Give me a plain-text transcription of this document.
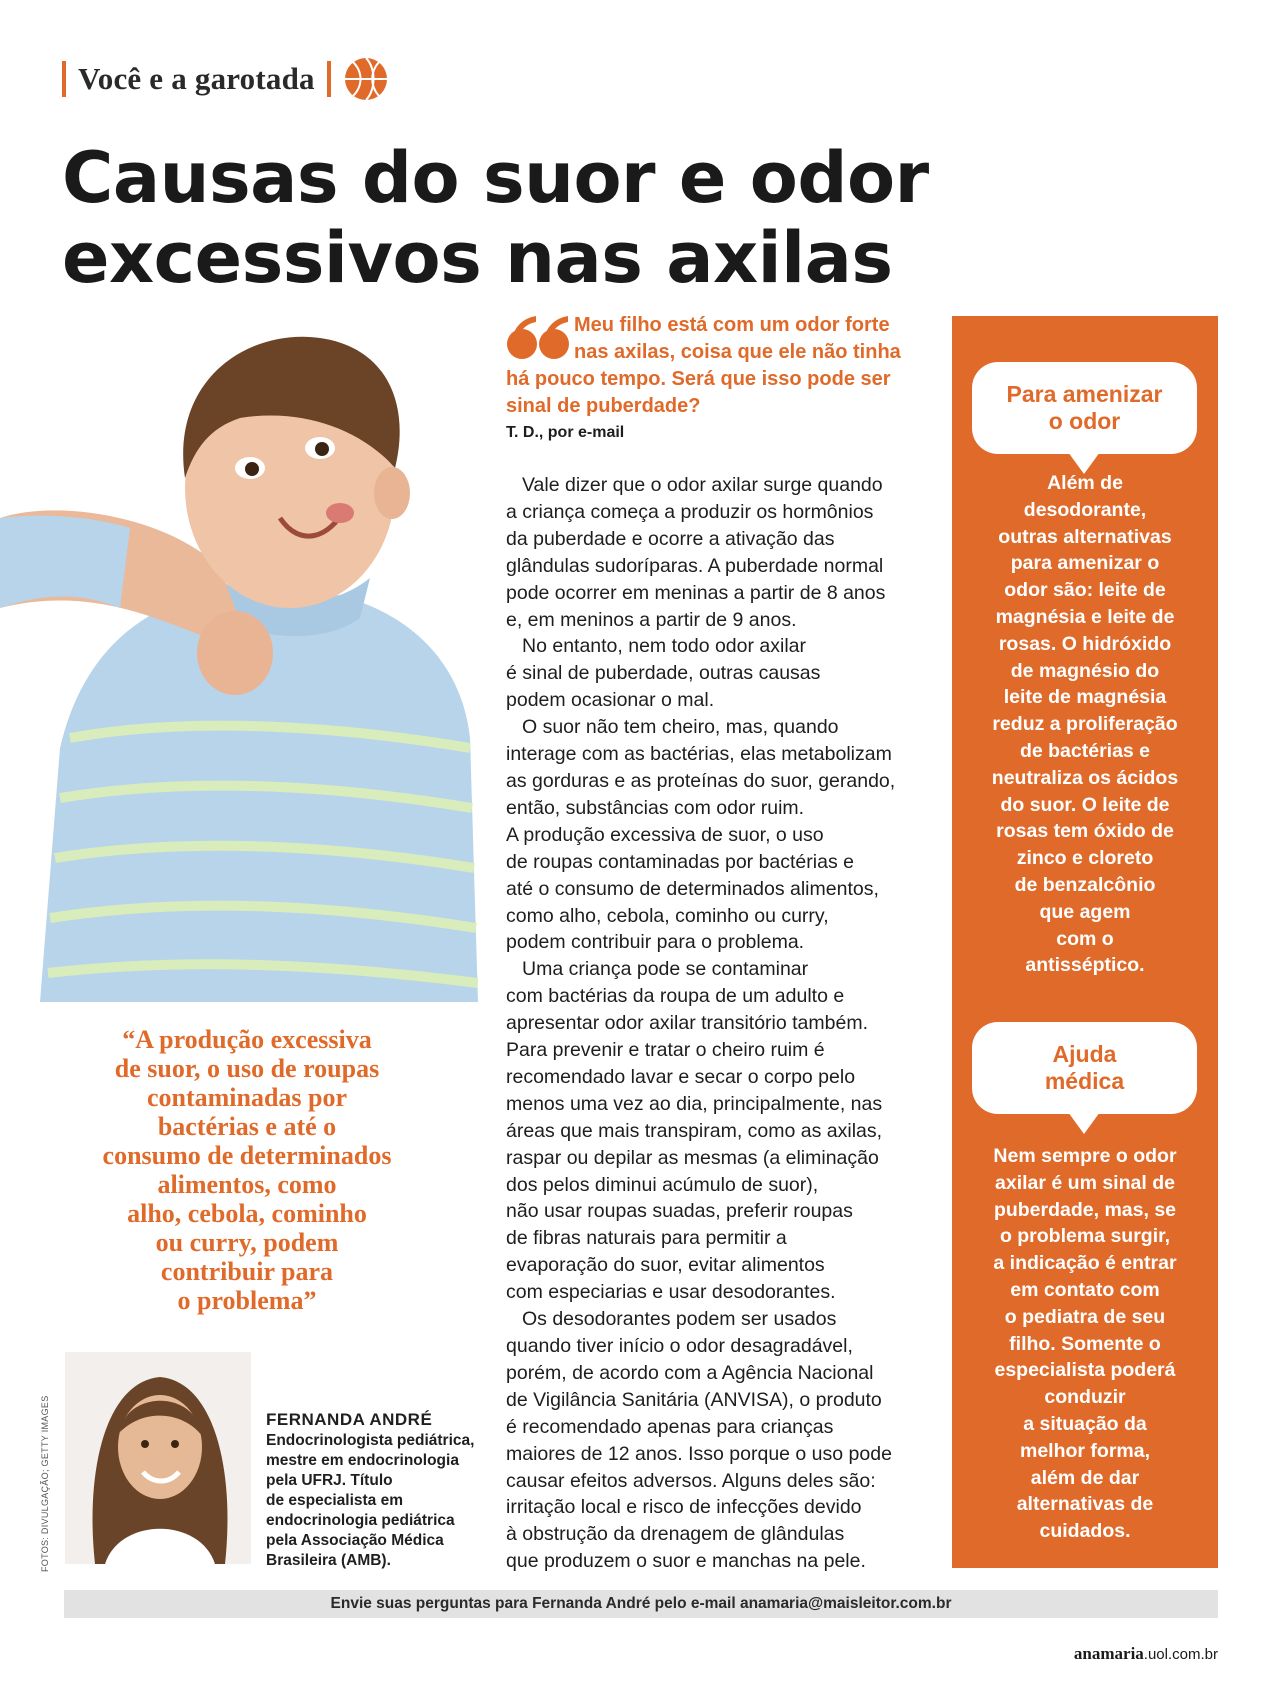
Você e a garotada
Causas do suor e odor
excessivos nas axilas
“A produção excessiva
de suor, o uso de roupas
contaminadas por
bactérias e até o
consumo de determinados
alimentos, como
alho, cebola, cominho
ou curry, podem
contribuir para
o problema”
FOTOS: DIVULGAÇÃO; GETTY IMAGES	FERNANDA ANDRÉ
Endocrinologista pediátrica,
mestre em endocrinologia
pela UFRJ. Título
de especialista em
endocrinologia pediátrica
pela Associação Médica
Brasileira (AMB).
Meu filho está com um odor forte
nas axilas, coisa que ele não tinha
há pouco tempo. Será que isso pode ser
sinal de puberdade?
T. D., por e-mail
Vale dizer que o odor axilar surge quando
a criança começa a produzir os hormônios
da puberdade e ocorre a ativação das
glândulas sudoríparas. A puberdade normal
pode ocorrer em meninas a partir de 8 anos
e, em meninos a partir de 9 anos.
No entanto, nem todo odor axilar
é sinal de puberdade, outras causas
podem ocasionar o mal.
O suor não tem cheiro, mas, quando
interage com as bactérias, elas metabolizam
as gorduras e as proteínas do suor, gerando,
então, substâncias com odor ruim.
A produção excessiva de suor, o uso
de roupas contaminadas por bactérias e
até o consumo de determinados alimentos,
como alho, cebola, cominho ou curry,
podem contribuir para o problema.
Uma criança pode se contaminar
com bactérias da roupa de um adulto e
apresentar odor axilar transitório também.
Para prevenir e tratar o cheiro ruim é
recomendado lavar e secar o corpo pelo
menos uma vez ao dia, principalmente, nas
áreas que mais transpiram, como as axilas,
raspar ou depilar as mesmas (a eliminação
dos pelos diminui acúmulo de suor),
não usar roupas suadas, preferir roupas
de fibras naturais para permitir a
evaporação do suor, evitar alimentos
com especiarias e usar desodorantes.
Os desodorantes podem ser usados
quando tiver início o odor desagradável,
porém, de acordo com a Agência Nacional
de Vigilância Sanitária (ANVISA), o produto
é recomendado apenas para crianças
maiores de 12 anos. Isso porque o uso pode
causar efeitos adversos. Alguns deles são:
irritação local e risco de infecções devido
à obstrução da drenagem de glândulas
que produzem o suor e manchas na pele.
Para amenizar
o odor
Além de
desodorante,
outras alternativas
para amenizar o
odor são: leite de
magnésia e leite de
rosas. O hidróxido
de magnésio do
leite de magnésia
reduz a proliferação
de bactérias e
neutraliza os ácidos
do suor. O leite de
rosas tem óxido de
zinco e cloreto
de benzalcônio
que agem
com o
antisséptico.
Ajuda
médica
Nem sempre o odor
axilar é um sinal de
puberdade, mas, se
o problema surgir,
a indicação é entrar
em contato com
o pediatra de seu
filho. Somente o
especialista poderá
conduzir
a situação da
melhor forma,
além de dar
alternativas de
cuidados.
Envie suas perguntas para Fernanda André pelo e-mail anamaria@maisleitor.com.br
anamaria.uol.com.br
